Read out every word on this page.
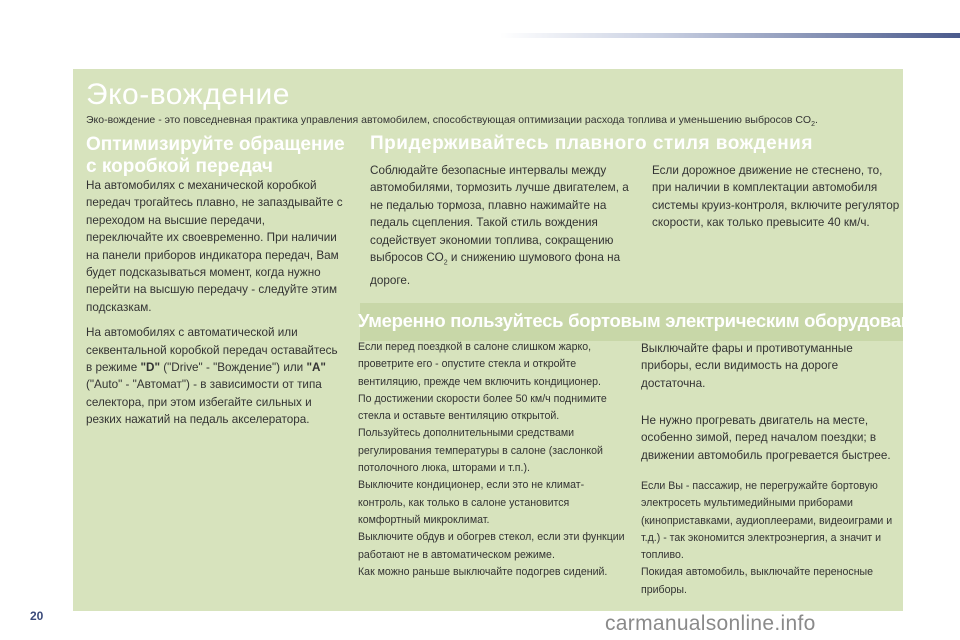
Эко-вождение

Эко-вождение - это повседневная практика управления автомобилем, способствующая оптимизации расхода топлива и уменьшению выбросов $CO_2$.

Оптимизируйте обращение с коробкой передач

На автомобилях с механической коробкой передач трогайтесь плавно, не запаздывайте с переходом на высшие передачи, переключайте их своевременно. При наличии на панели приборов индикатора передач, Вам будет подсказываться момент, когда нужно перейти на высшую передачу - следуйте этим подсказкам.

На автомобилях с автоматической или секвентальной коробкой передач оставайтесь в режиме "D" ("Drive" - "Вождение") или "A" ("Auto" - "Автомат") - в зависимости от типа селектора, при этом избегайте сильных и резких нажатий на педаль акселератора.

Придерживайтесь плавного стиля вождения

Соблюдайте безопасные интервалы между автомобилями, тормозить лучше двигателем, а не педалью тормоза, плавно нажимайте на педаль сцепления. Такой стиль вождения содействует экономии топлива, сокращению выбросов $CO_2$ и снижению шумового фона на дороге.

Если дорожное движение не стеснено, то, при наличии в комплектации автомобиля системы круиз-контроля, включите регулятор скорости, как только превысите 40 км/ч.

Умеренно пользуйтесь бортовым электрическим оборудованием
Если перед поездкой в салоне слишком жарко, проветрите его - опустите стекла и откройте вентиляцию, прежде чем включить кондиционер.
По достижении скорости более 50 км/ч поднимите стекла и оставьте вентиляцию открытой.
Пользуйтесь дополнительными средствами регулирования температуры в салоне (заслонкой потолочного люка, шторами и т.п.).
Выключите кондиционер, если это не климат-контроль, как только в салоне установится комфортный микроклимат.
Выключите обдув и обогрев стекол, если эти функции работают не в автоматическом режиме.
Как можно раньше выключайте подогрев сидений.
Выключайте фары и противотуманные приборы, если видимость на дороге достаточна.
Не нужно прогревать двигатель на месте, особенно зимой, перед началом поездки; в движении автомобиль прогревается быстрее.
Если Вы - пассажир, не перегружайте бортовую электросеть мультимедийными приборами (киноприставками, аудиоплеерами, видеоиграми и т.д.) - так экономится электроэнергия, а значит и топливо.
Покидая автомобиль, выключайте переносные приборы.
20	carmanualsonline.info
